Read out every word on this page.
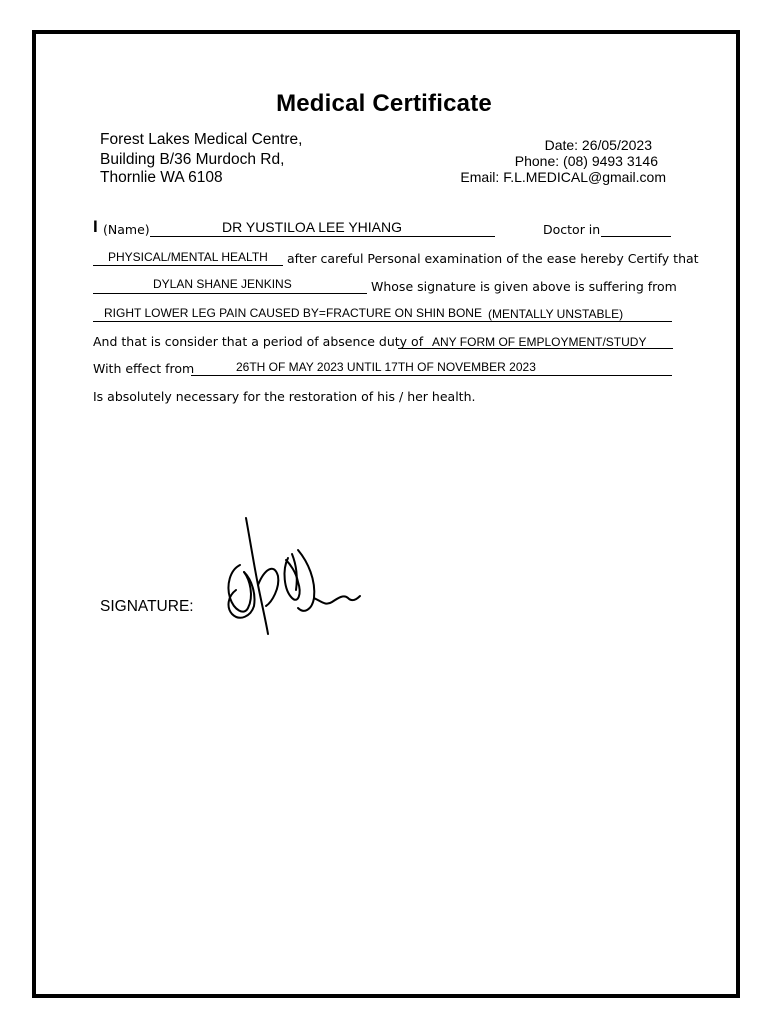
Medical Certificate
Forest Lakes Medical Centre,
Building B/36 Murdoch Rd,
Thornlie WA 6108
Date: 26/05/2023
Phone: (08) 9493 3146
Email: F.L.MEDICAL@gmail.com
I (Name)	DR YUSTILOA LEE YHIANG	Doctor in
PHYSICAL/MENTAL HEALTH after careful Personal examination of the ease hereby Certify that
DYLAN SHANE JENKINS	Whose signature is given above is suffering from
RIGHT LOWER LEG PAIN CAUSED BY=FRACTURE ON SHIN BONE (MENTALLY UNSTABLE)
And that is consider that a period of absence duty of ANY FORM OF EMPLOYMENT/STUDY
With effect from	26TH OF MAY 2023 UNTIL 17TH OF NOVEMBER 2023
Is absolutely necessary for the restoration of his / her health.
SIGNATURE:
